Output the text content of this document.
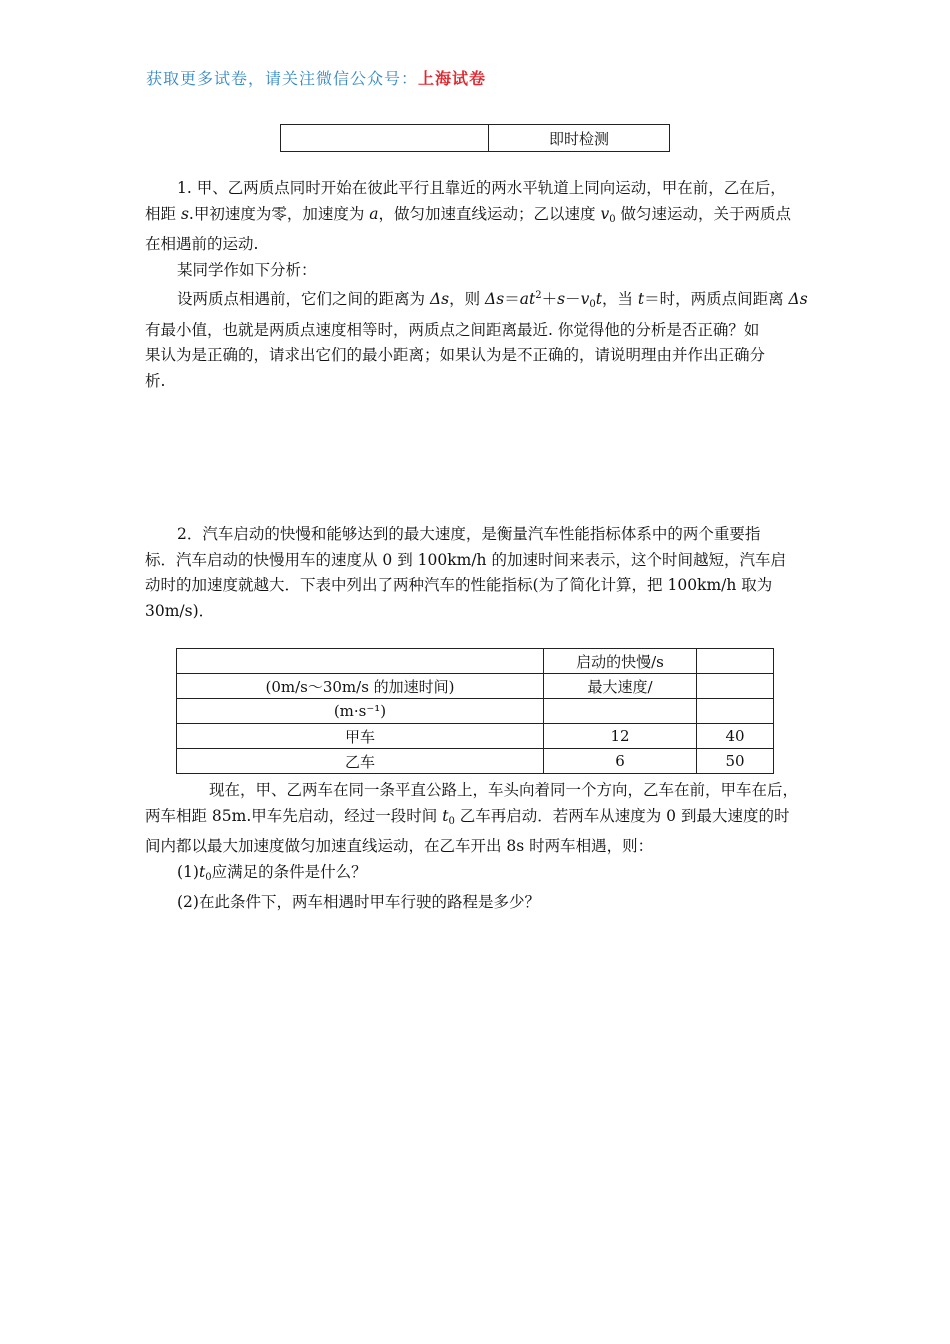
获取更多试卷，请关注微信公众号：上海试卷
	即时检测
1. 甲、乙两质点同时开始在彼此平行且靠近的两水平轨道上同向运动，甲在前，乙在后，
相距 s.甲初速度为零，加速度为 a，做匀加速直线运动；乙以速度 $v_0$ 做匀速运动，关于两质点
在相遇前的运动.
某同学作如下分析：
设两质点相遇前，它们之间的距离为 Δs，则 $\Delta s=at^2+s-v_0t$，当 t＝时，两质点间距离 Δs
有最小值，也就是两质点速度相等时，两质点之间距离最近. 你觉得他的分析是否正确？如
果认为是正确的，请求出它们的最小距离；如果认为是不正确的，请说明理由并作出正确分
析.
2．汽车启动的快慢和能够达到的最大速度，是衡量汽车性能指标体系中的两个重要指
标．汽车启动的快慢用车的速度从 0 到 100km/h 的加速时间来表示，这个时间越短，汽车启
动时的加速度就越大．下表中列出了两种汽车的性能指标(为了简化计算，把 100km/h 取为
30m/s)．
	启动的快慢/s	
(0m/s～30m/s 的加速时间)	最大速度/	
(m·s⁻¹)		
甲车	12	40
乙车	6	50
现在，甲、乙两车在同一条平直公路上，车头向着同一个方向，乙车在前，甲车在后，
两车相距 85m.甲车先启动，经过一段时间 $t_0$ 乙车再启动．若两车从速度为 0 到最大速度的时
间内都以最大加速度做匀加速直线运动，在乙车开出 8s 时两车相遇，则：
$(1)t_0$应满足的条件是什么？
(2)在此条件下，两车相遇时甲车行驶的路程是多少？
